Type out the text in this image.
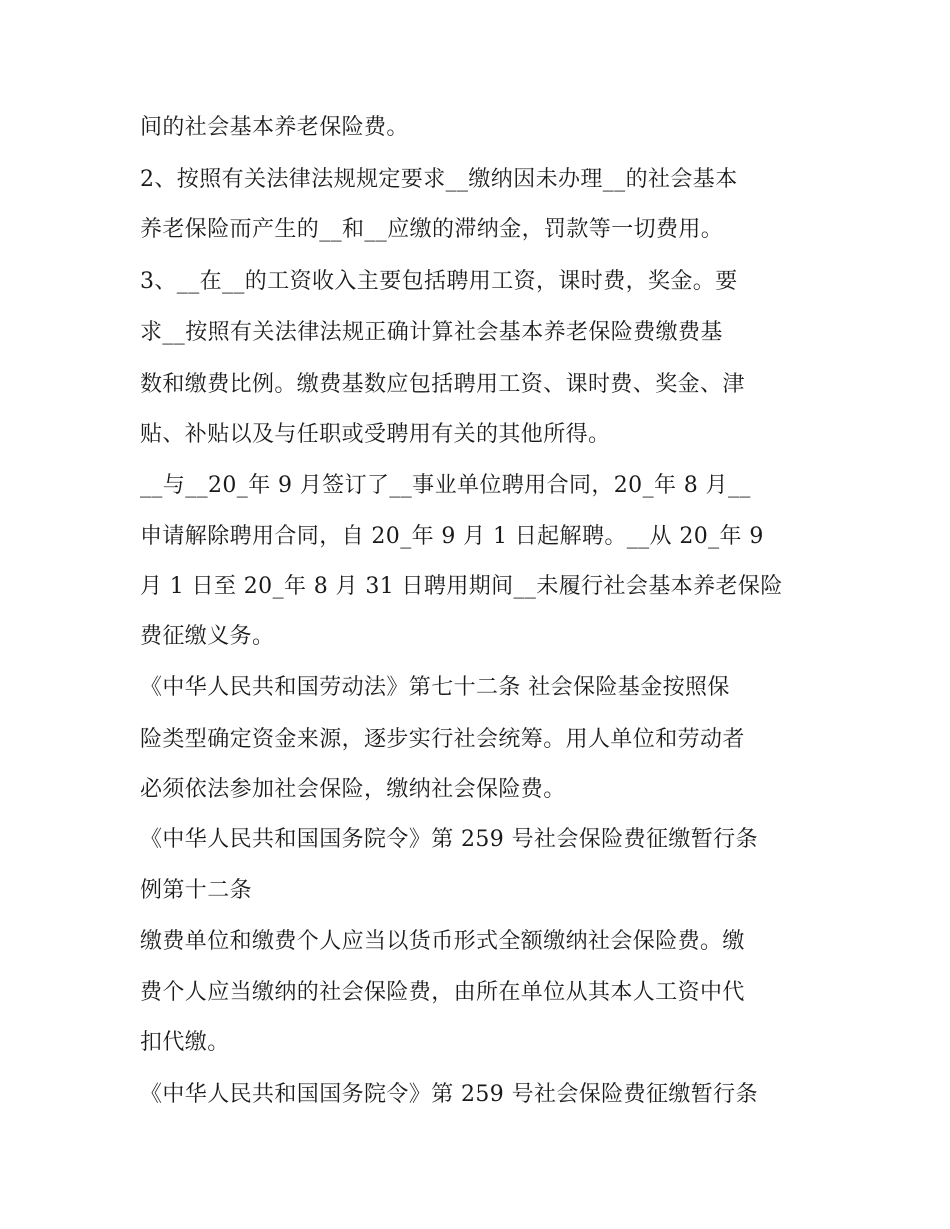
间的社会基本养老保险费。

2、按照有关法律法规规定要求__缴纳因未办理__的社会基本

养老保险而产生的__和__应缴的滞纳金，罚款等一切费用。

3、__在__的工资收入主要包括聘用工资，课时费，奖金。要

求__按照有关法律法规正确计算社会基本养老保险费缴费基

数和缴费比例。缴费基数应包括聘用工资、课时费、奖金、津

贴、补贴以及与任职或受聘用有关的其他所得。

__与__20_年 9 月签订了__事业单位聘用合同，20_年 8 月__

申请解除聘用合同，自 20_年 9 月 1 日起解聘。__从 20_年 9

月 1 日至 20_年 8 月 31 日聘用期间__未履行社会基本养老保险

费征缴义务。

《中华人民共和国劳动法》第七十二条 社会保险基金按照保

险类型确定资金来源，逐步实行社会统筹。用人单位和劳动者

必须依法参加社会保险，缴纳社会保险费。

《中华人民共和国国务院令》第 259 号社会保险费征缴暂行条

例第十二条

缴费单位和缴费个人应当以货币形式全额缴纳社会保险费。缴

费个人应当缴纳的社会保险费，由所在单位从其本人工资中代

扣代缴。

《中华人民共和国国务院令》第 259 号社会保险费征缴暂行条
